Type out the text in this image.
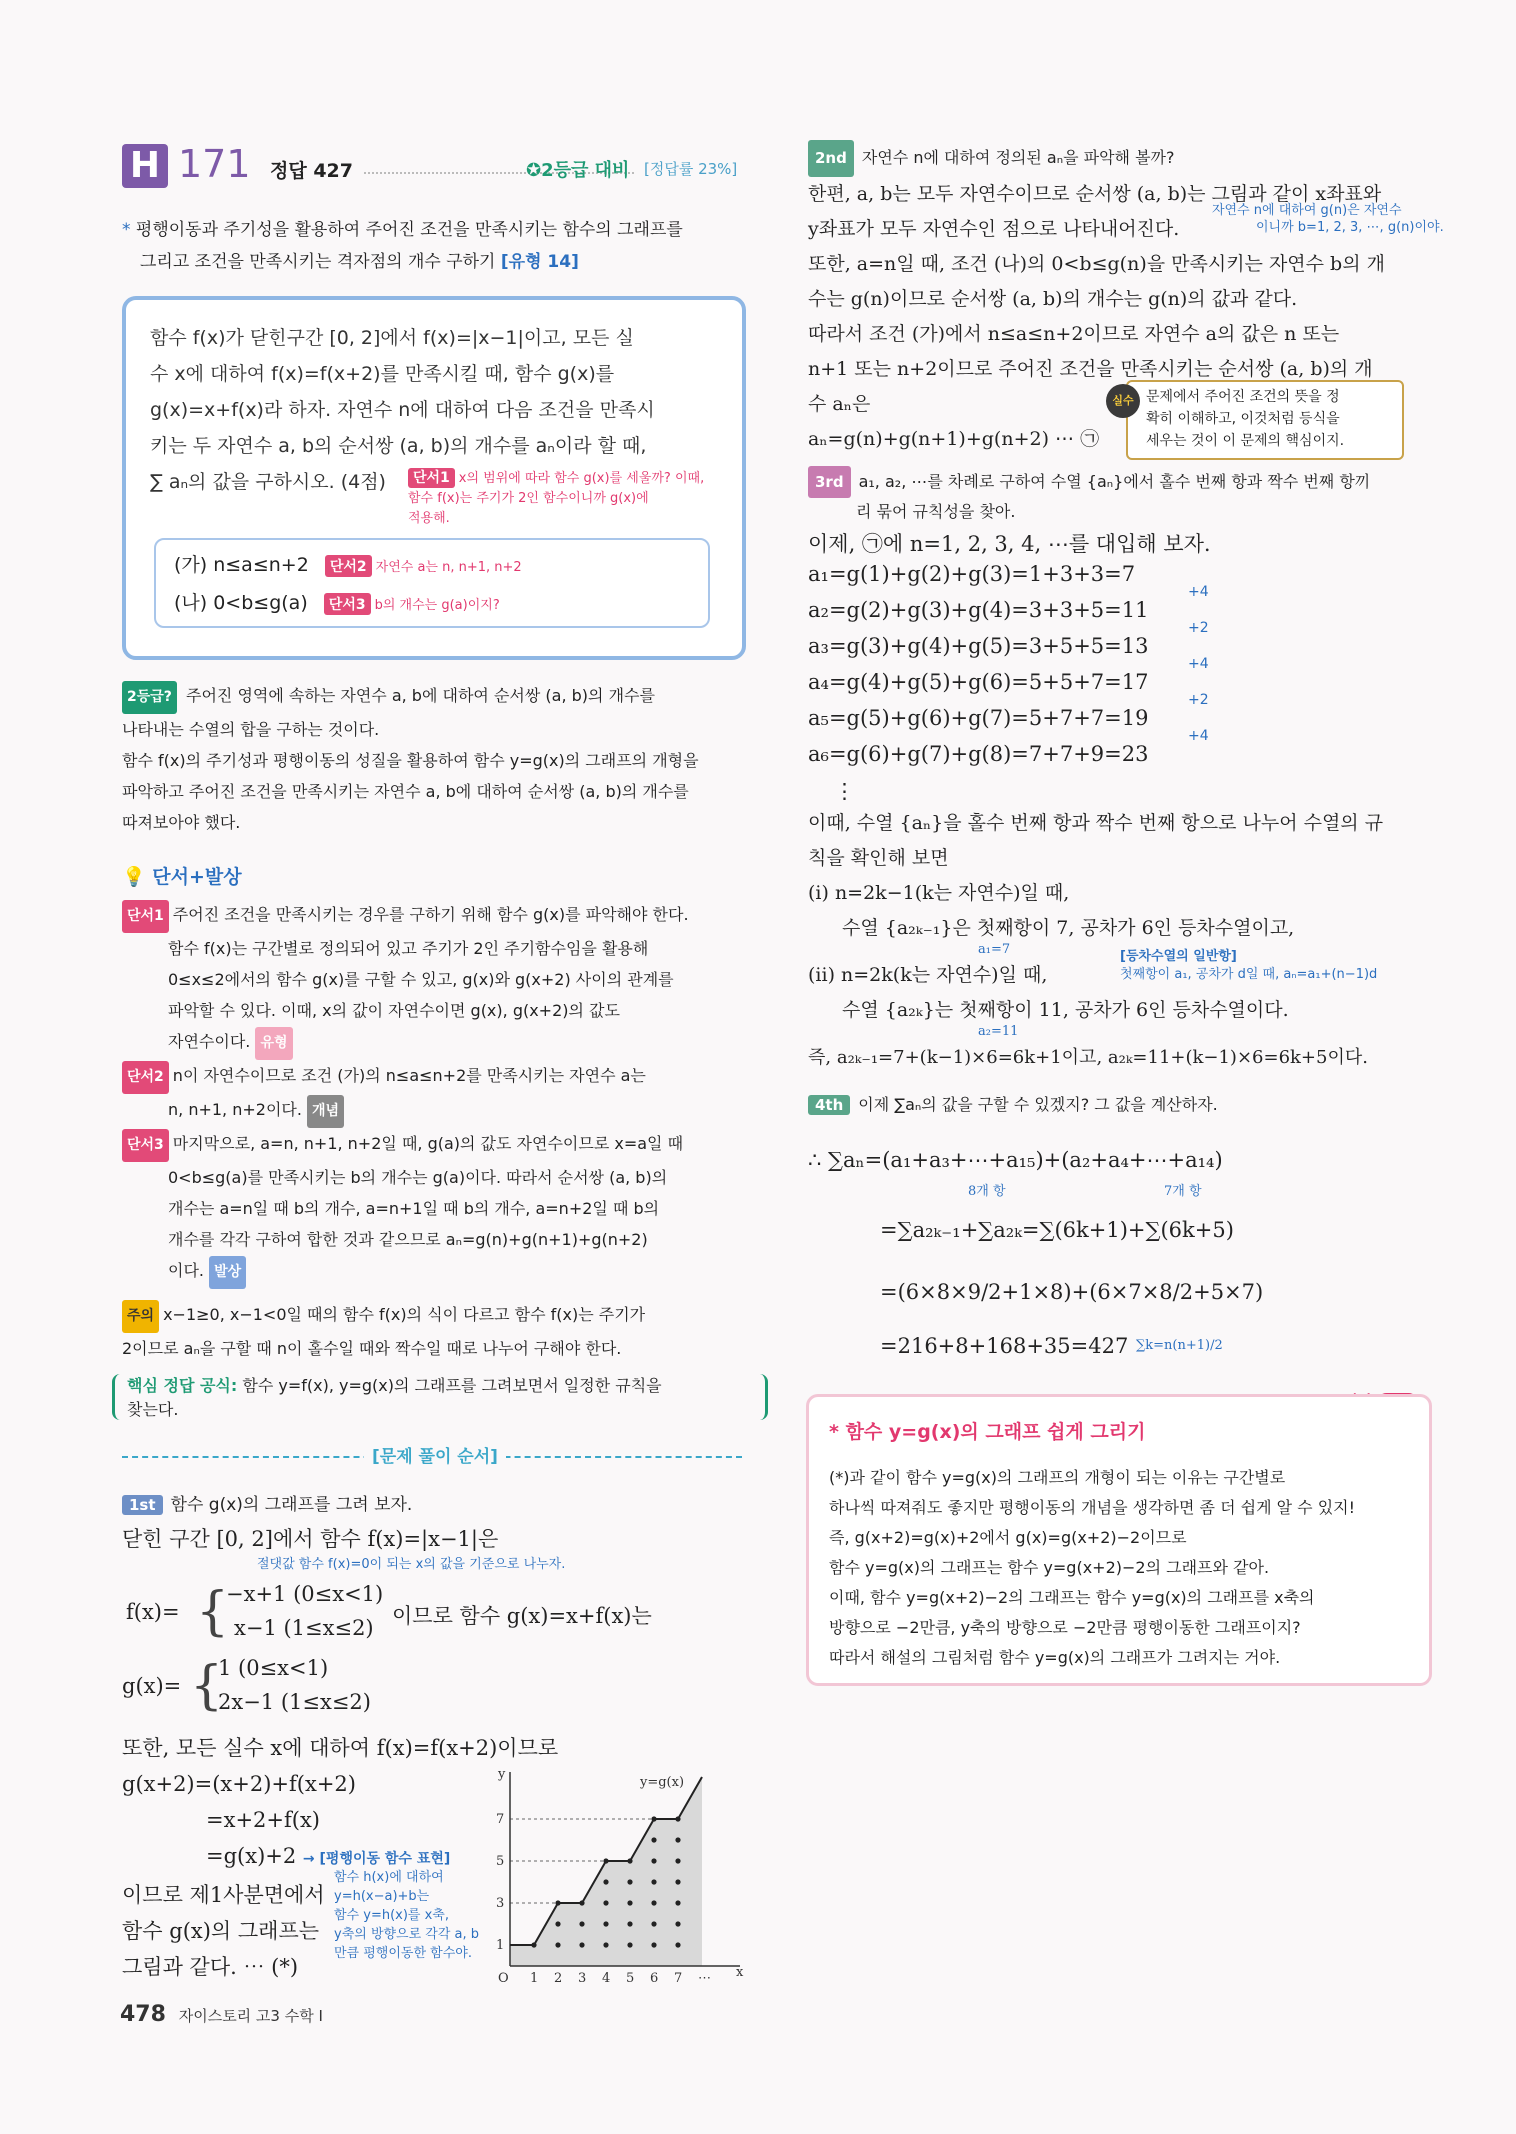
H 171 정답 427	✪2등급 대비 [정답률 23%]
* 평행이동과 주기성을 활용하여 주어진 조건을 만족시키는 함수의 그래프를
그리고 조건을 만족시키는 격자점의 개수 구하기 [유형 14]
함수 f(x)가 닫힌구간 [0, 2]에서 f(x)=|x−1|이고, 모든 실
수 x에 대하여 f(x)=f(x+2)를 만족시킬 때, 함수 g(x)를
g(x)=x+f(x)라 하자. 자연수 n에 대하여 다음 조건을 만족시
키는 두 자연수 a, b의 순서쌍 (a, b)의 개수를 aₙ이라 할 때,
∑ aₙ의 값을 구하시오. (4점)	단서1 x의 범위에 따라 함수 g(x)를 세울까? 이때,
함수 f(x)는 주기가 2인 함수이니까 g(x)에
적용해.
(가) n≤a≤n+2 단서2 자연수 a는 n, n+1, n+2
(나) 0<b≤g(a) 단서3 b의 개수는 g(a)이지?
2등급? 주어진 영역에 속하는 자연수 a, b에 대하여 순서쌍 (a, b)의 개수를
나타내는 수열의 합을 구하는 것이다.
함수 f(x)의 주기성과 평행이동의 성질을 활용하여 함수 y=g(x)의 그래프의 개형을
파악하고 주어진 조건을 만족시키는 자연수 a, b에 대하여 순서쌍 (a, b)의 개수를
따져보아야 했다.
💡 단서+발상
단서1 주어진 조건을 만족시키는 경우를 구하기 위해 함수 g(x)를 파악해야 한다.
함수 f(x)는 구간별로 정의되어 있고 주기가 2인 주기함수임을 활용해
0≤x≤2에서의 함수 g(x)를 구할 수 있고, g(x)와 g(x+2) 사이의 관계를
파악할 수 있다. 이때, x의 값이 자연수이면 g(x), g(x+2)의 값도
자연수이다. 유형
단서2 n이 자연수이므로 조건 (가)의 n≤a≤n+2를 만족시키는 자연수 a는
n, n+1, n+2이다. 개념
단서3 마지막으로, a=n, n+1, n+2일 때, g(a)의 값도 자연수이므로 x=a일 때
0<b≤g(a)를 만족시키는 b의 개수는 g(a)이다. 따라서 순서쌍 (a, b)의
개수는 a=n일 때 b의 개수, a=n+1일 때 b의 개수, a=n+2일 때 b의
개수를 각각 구하여 합한 것과 같으므로 aₙ=g(n)+g(n+1)+g(n+2)
이다. 발상
주의 x−1≥0, x−1<0일 때의 함수 f(x)의 식이 다르고 함수 f(x)는 주기가
2이므로 aₙ을 구할 때 n이 홀수일 때와 짝수일 때로 나누어 구해야 한다.
핵심 정답 공식: 함수 y=f(x), y=g(x)의 그래프를 그려보면서 일정한 규칙을
찾는다.
[문제 풀이 순서]
1st 함수 g(x)의 그래프를 그려 보자.
닫힌 구간 [0, 2]에서 함수 f(x)=|x−1|은
절댓값 함수 f(x)=0이 되는 x의 값을 기준으로 나누자.
f(x)= {
−x+1 (0≤x<1)
x−1 (1≤x≤2) 이므로 함수 g(x)=x+f(x)는
g(x)= {
1 (0≤x<1)
2x−1 (1≤x≤2)
또한, 모든 실수 x에 대하여 f(x)=f(x+2)이므로
g(x+2)=(x+2)+f(x+2)
=x+2+f(x)
=g(x)+2 → [평행이동 함수 표현]
이므로 제1사분면에서
함수 g(x)의 그래프는
그림과 같다. ⋯ (*)
함수 h(x)에 대하여
y=h(x−a)+b는
함수 y=h(x)를 x축,
y축의 방향으로 각각 a, b
만큼 평행이동한 함수야.
O 1 2 3 4 5 6 7 ⋯
1
3
5
7
y
x
y=g(x)
478 자이스토리 고3 수학 I
2nd 자연수 n에 대하여 정의된 aₙ을 파악해 볼까?
한편, a, b는 모두 자연수이므로 순서쌍 (a, b)는 그림과 같이 x좌표와
y좌표가 모두 자연수인 점으로 나타내어진다.
또한, a=n일 때, 조건 (나)의 0<b≤g(n)을 만족시키는 자연수 b의 개
수는 g(n)이므로 순서쌍 (a, b)의 개수는 g(n)의 값과 같다.
따라서 조건 (가)에서 n≤a≤n+2이므로 자연수 a의 값은 n 또는
n+1 또는 n+2이므로 주어진 조건을 만족시키는 순서쌍 (a, b)의 개
수 aₙ은
aₙ=g(n)+g(n+1)+g(n+2) ⋯ ㉠
자연수 n에 대하여 g(n)은 자연수
이니까 b=1, 2, 3, ⋯, g(n)이야.
실수 문제에서 주어진 조건의 뜻을 정
확히 이해하고, 이것처럼 등식을
세우는 것이 이 문제의 핵심이지.
3rd a₁, a₂, ⋯를 차례로 구하여 수열 {aₙ}에서 홀수 번째 항과 짝수 번째 항끼
리 묶어 규칙성을 찾아.
이제, ㉠에 n=1, 2, 3, 4, ⋯를 대입해 보자.
a₁=g(1)+g(2)+g(3)=1+3+3=7
a₂=g(2)+g(3)+g(4)=3+3+5=11
a₃=g(3)+g(4)+g(5)=3+5+5=13
a₄=g(4)+g(5)+g(6)=5+5+7=17
a₅=g(5)+g(6)+g(7)=5+7+7=19
a₆=g(6)+g(7)+g(8)=7+7+9=23
+4
+2
+4
+2
+4
⋮
이때, 수열 {aₙ}을 홀수 번째 항과 짝수 번째 항으로 나누어 수열의 규
칙을 확인해 보면
(i) n=2k−1(k는 자연수)일 때,
수열 {a₂ₖ₋₁}은 첫째항이 7, 공차가 6인 등차수열이고,
a₁=7
(ii) n=2k(k는 자연수)일 때,
수열 {a₂ₖ}는 첫째항이 11, 공차가 6인 등차수열이다.
a₂=11
즉, a₂ₖ₋₁=7+(k−1)×6=6k+1이고, a₂ₖ=11+(k−1)×6=6k+5이다.
[등차수열의 일반항]
첫째항이 a₁, 공차가 d일 때, aₙ=a₁+(n−1)d
4th 이제 ∑aₙ의 값을 구할 수 있겠지? 그 값을 계산하자.
∴ ∑aₙ=(a₁+a₃+⋯+a₁₅)+(a₂+a₄+⋯+a₁₄)
8개 항	7개 항
=∑a₂ₖ₋₁+∑a₂ₖ=∑(6k+1)+∑(6k+5)
=(6×8×9/2+1×8)+(6×7×8/2+5×7)
=216+8+168+35=427 ∑k=n(n+1)/2
* 함수 y=g(x)의 그래프 쉽게 그리기
(*)과 같이 함수 y=g(x)의 그래프의 개형이 되는 이유는 구간별로
하나씩 따져줘도 좋지만 평행이동의 개념을 생각하면 좀 더 쉽게 알 수 있지!
즉, g(x+2)=g(x)+2에서 g(x)=g(x+2)−2이므로
함수 y=g(x)의 그래프는 함수 y=g(x+2)−2의 그래프와 같아.
이때, 함수 y=g(x+2)−2의 그래프는 함수 y=g(x)의 그래프를 x축의
방향으로 −2만큼, y축의 방향으로 −2만큼 평행이동한 그래프이지?
따라서 해설의 그림처럼 함수 y=g(x)의 그래프가 그려지는 거야.
